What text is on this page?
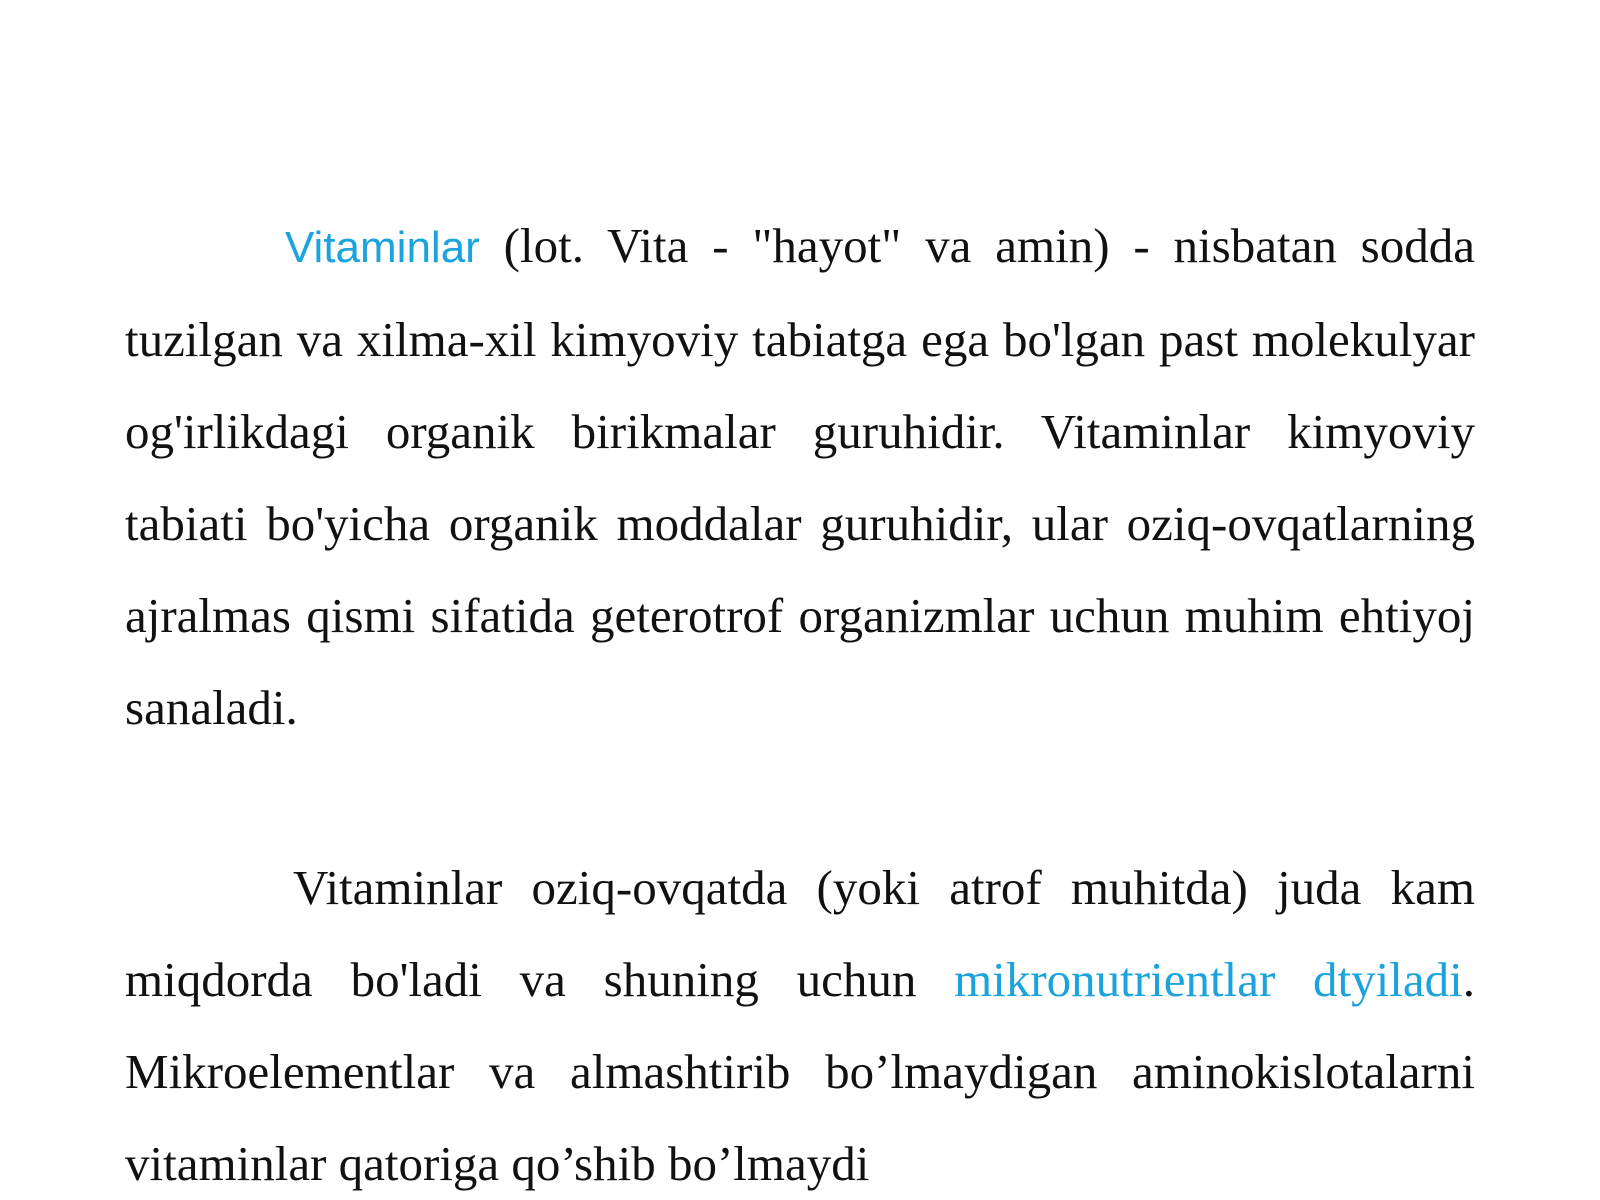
Vitaminlar (lot. Vita - "hayot" va amin) - nisbatan sodda tuzilgan va xilma-xil kimyoviy tabiatga ega bo'lgan past molekulyar og'irlikdagi organik birikmalar guruhidir. Vitaminlar kimyoviy tabiati bo'yicha organik moddalar guruhidir, ular oziq-ovqatlarning ajralmas qismi sifatida geterotrof organizmlar uchun muhim ehtiyoj sanaladi.

Vitaminlar oziq-ovqatda (yoki atrof muhitda) juda kam miqdorda bo'ladi va shuning uchun mikronutrientlar dtyiladi. Mikroelementlar va almashtirib bo’lmaydigan aminokislotalarni vitaminlar qatoriga qo’shib bo’lmaydi
